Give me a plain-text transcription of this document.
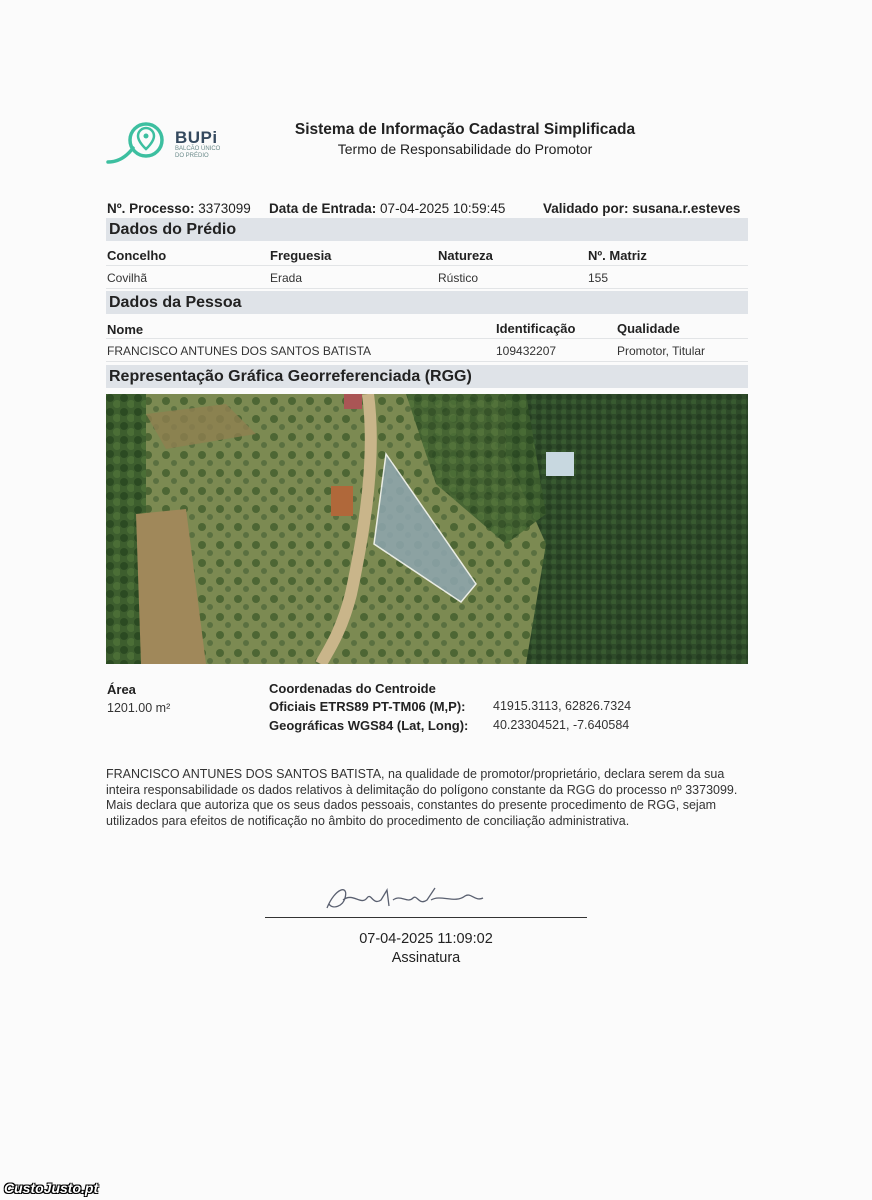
BUPi
BALCÃO ÚNICO
DO PRÉDIO
Sistema de Informação Cadastral Simplificada
Termo de Responsabilidade do Promotor
Nº. Processo: 3373099 Data de Entrada: 07-04-2025 10:59:45	Validado por: susana.r.esteves
Dados do Prédio
Concelho	Freguesia	Natureza	Nº. Matriz
Covilhã	Erada	Rústico	155
Dados da Pessoa
Nome	Identificação	Qualidade
FRANCISCO ANTUNES DOS SANTOS BATISTA	109432207	Promotor, Titular
Representação Gráfica Georreferenciada (RGG)
Área
1201.00 m²
Coordenadas do Centroide
Oficiais ETRS89 PT-TM06 (M,P): 41915.3113, 62826.7324
Geográficas WGS84 (Lat, Long): 40.23304521, -7.640584
FRANCISCO ANTUNES DOS SANTOS BATISTA, na qualidade de promotor/proprietário, declara serem da sua inteira responsabilidade os dados relativos à delimitação do polígono constante da RGG do processo nº 3373099.
Mais declara que autoriza que os seus dados pessoais, constantes do presente procedimento de RGG, sejam utilizados para efeitos de notificação no âmbito do procedimento de conciliação administrativa.
07-04-2025 11:09:02
Assinatura
CustoJusto.pt
